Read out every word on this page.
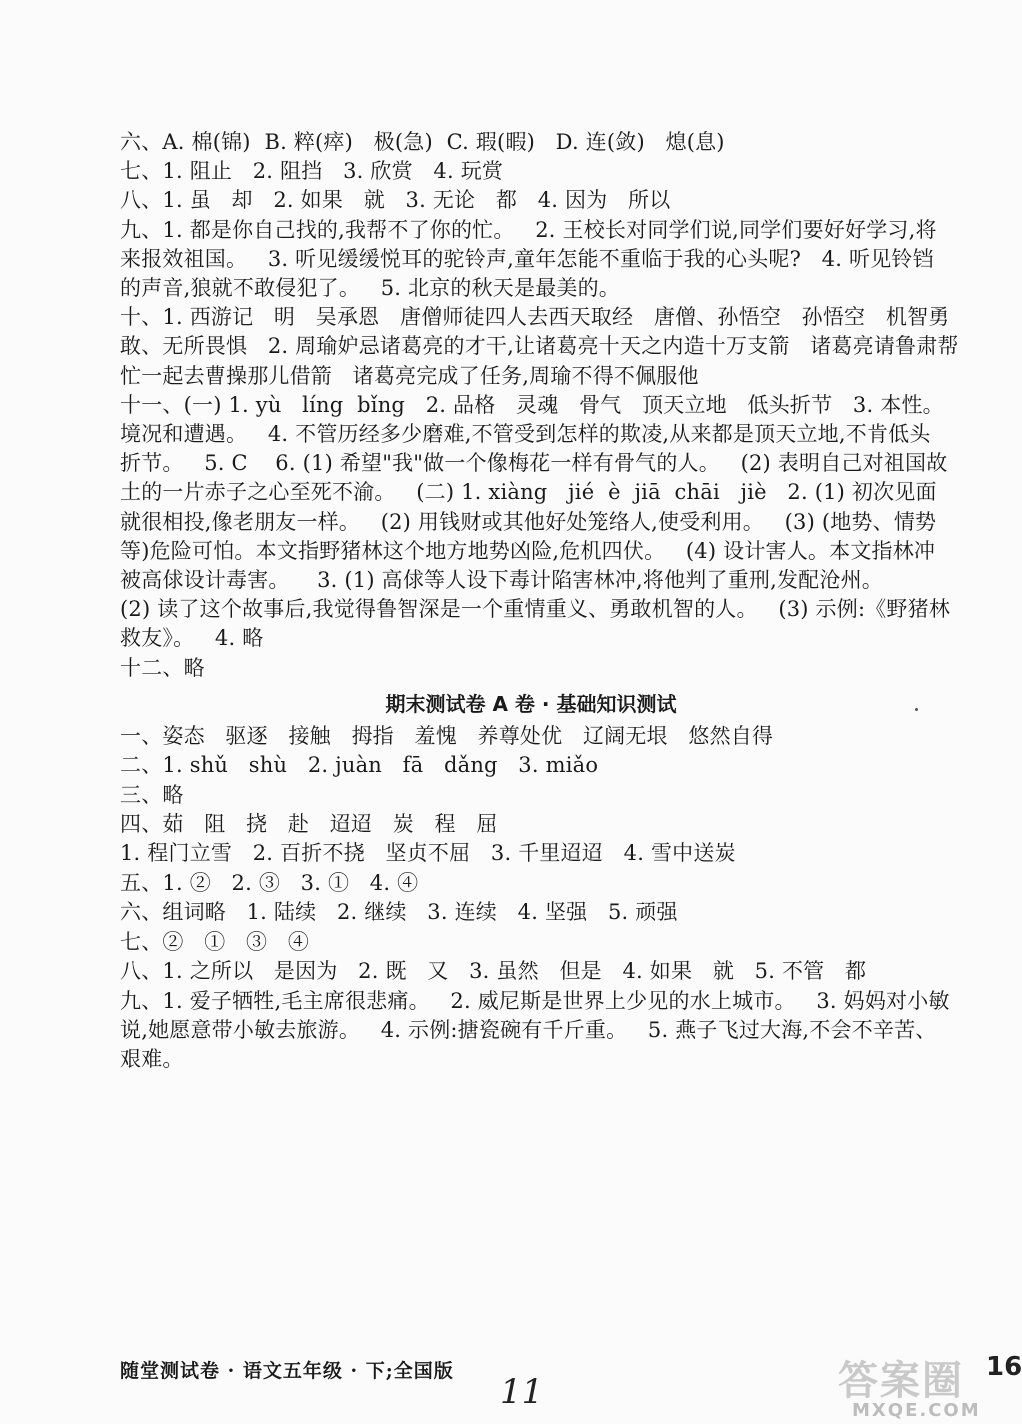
六、A. 棉(锦)  B. 粹(瘁)   极(急)  C. 瑕(暇)   D. 连(敛)   熄(息)
七、1. 阻止   2. 阻挡   3. 欣赏   4. 玩赏
八、1. 虽   却   2. 如果   就   3. 无论   都   4. 因为   所以
九、1. 都是你自己找的,我帮不了你的忙。   2. 王校长对同学们说,同学们要好好学习,将
来报效祖国。   3. 听见缓缓悦耳的驼铃声,童年怎能不重临于我的心头呢?   4. 听见铃铛
的声音,狼就不敢侵犯了。   5. 北京的秋天是最美的。
十、1. 西游记   明   吴承恩   唐僧师徒四人去西天取经   唐僧、孙悟空   孙悟空   机智勇
敢、无所畏惧   2. 周瑜妒忌诸葛亮的才干,让诸葛亮十天之内造十万支箭   诸葛亮请鲁肃帮
忙一起去曹操那儿借箭   诸葛亮完成了任务,周瑜不得不佩服他
十一、(一) 1. yù   líng  bǐng   2. 品格   灵魂   骨气   顶天立地   低头折节   3. 本性。
境况和遭遇。   4. 不管历经多少磨难,不管受到怎样的欺凌,从来都是顶天立地,不肯低头
折节。   5. C    6. (1) 希望"我"做一个像梅花一样有骨气的人。   (2) 表明自己对祖国故
土的一片赤子之心至死不渝。   (二) 1. xiàng   jié  è  jiā  chāi   jiè   2. (1) 初次见面
就很相投,像老朋友一样。   (2) 用钱财或其他好处笼络人,使受利用。   (3) (地势、情势
等)危险可怕。本文指野猪林这个地方地势凶险,危机四伏。   (4) 设计害人。本文指林冲
被高俅设计毒害。    3. (1) 高俅等人设下毒计陷害林冲,将他判了重刑,发配沧州。
(2) 读了这个故事后,我觉得鲁智深是一个重情重义、勇敢机智的人。   (3) 示例:《野猪林
救友》。   4. 略
十二、略
期末测试卷 A 卷 · 基础知识测试
一、姿态   驱逐   接触   拇指   羞愧   养尊处优   辽阔无垠   悠然自得
二、1. shǔ   shù   2. juàn   fā   dǎng   3. miǎo
三、略
四、茹   阻   挠   赴   迢迢   炭   程   屈
1. 程门立雪   2. 百折不挠   坚贞不屈   3. 千里迢迢   4. 雪中送炭
五、1. ②   2. ③   3. ①   4. ④
六、组词略   1. 陆续   2. 继续   3. 连续   4. 坚强   5. 顽强
七、②   ①   ③   ④
八、1. 之所以   是因为   2. 既   又   3. 虽然   但是   4. 如果   就   5. 不管   都
九、1. 爱子牺牲,毛主席很悲痛。   2. 威尼斯是世界上少见的水上城市。   3. 妈妈对小敏
说,她愿意带小敏去旅游。   4. 示例:搪瓷碗有千斤重。   5. 燕子飞过大海,不会不辛苦、
艰难。
随堂测试卷 · 语文五年级 · 下;全国版
11	答案圈
MXQE.COM
16
